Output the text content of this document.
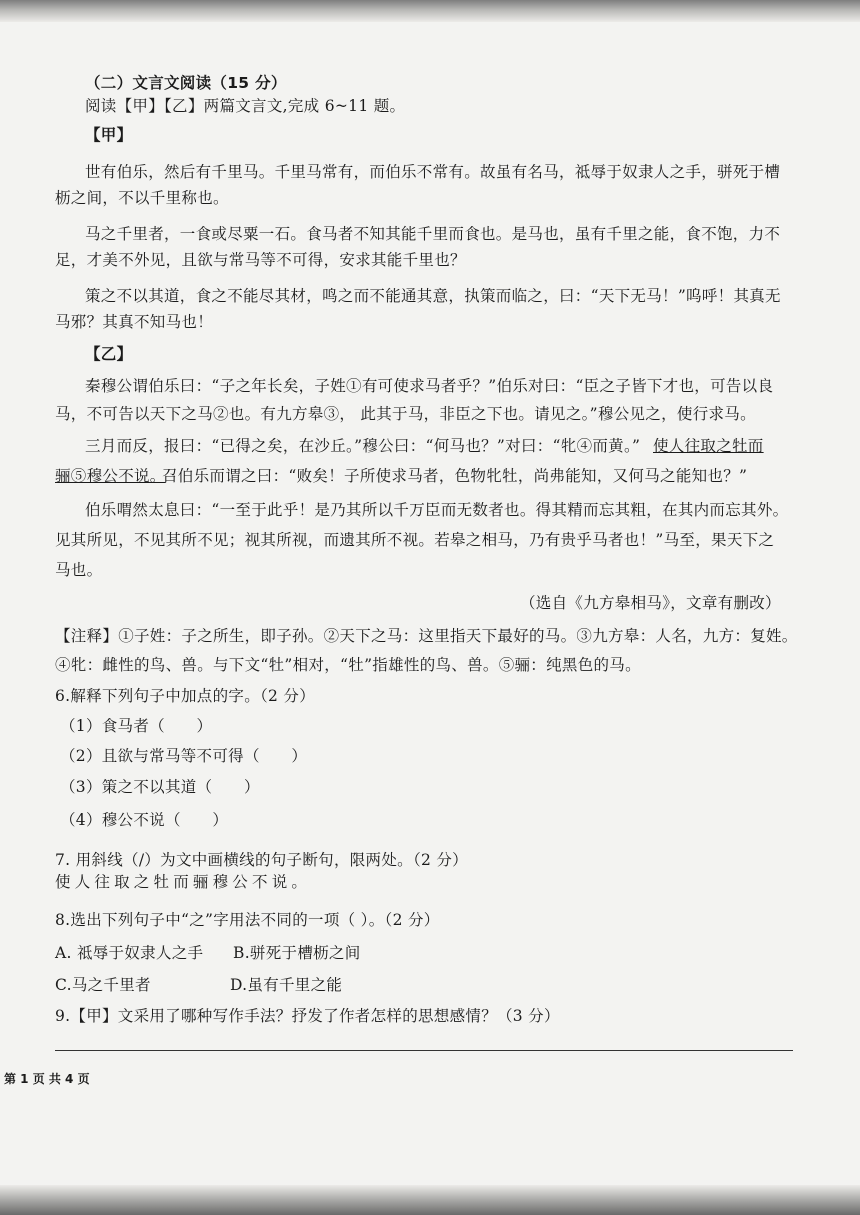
（二）文言文阅读（15 分）
阅读【甲】【乙】两篇文言文,完成 6~11 题。
【甲】
世有伯乐，然后有千里马。千里马常有，而伯乐不常有。故虽有名马，祗辱于奴隶人之手，骈死于槽
枥之间，不以千里称也。
马之千里者，一食或尽粟一石。食马者不知其能千里而食也。是马也，虽有千里之能，食不饱，力不
足，才美不外见，且欲与常马等不可得，安求其能千里也？
策之不以其道，食之不能尽其材，鸣之而不能通其意，执策而临之，曰：“天下无马！”呜呼！其真无
马邪？其真不知马也！
【乙】
秦穆公谓伯乐曰：“子之年长矣，子姓①有可使求马者乎？”伯乐对曰：“臣之子皆下才也，可告以良
马，不可告以天下之马②也。有九方皋③， 此其于马，非臣之下也。请见之。”穆公见之，使行求马。
三月而反，报曰：“已得之矣，在沙丘。”穆公曰：“何马也？”对曰：“牝④而黄。” 使人往取之牡而
骊⑤穆公不说。
召伯乐而谓之曰：“败矣！子所使求马者，色物牝牡，尚弗能知，又何马之能知也？”
伯乐喟然太息曰：“一至于此乎！是乃其所以千万臣而无数者也。得其精而忘其粗，在其内而忘其外。
见其所见，不见其所不见；视其所视，而遗其所不视。若皋之相马，乃有贵乎马者也！”马至，果天下之
马也。
（选自《九方皋相马》，文章有删改）
【注释】①子姓：子之所生，即子孙。②天下之马：这里指天下最好的马。③九方皋：人名，九方：复姓。
④牝：雌性的鸟、兽。与下文“牡”相对，“牡”指雄性的鸟、兽。⑤骊：纯黑色的马。
6.解释下列句子中加点的字。（2 分）
（1）食马者（　　）
（2）且欲与常马等不可得（　　）
（3）策之不以其道（　　）
（4）穆公不说（　　）
7. 用斜线（/）为文中画横线的句子断句，限两处。（2 分）
使人往取之牡而骊穆公不说。
8.选出下列句子中“之”字用法不同的一项（ ）。（2 分）
A. 祗辱于奴隶人之手 B.骈死于槽枥之间
C.马之千里者	D.虽有千里之能
9.【甲】文采用了哪种写作手法？抒发了作者怎样的思想感情？（3 分）
第 1 页 共 4 页
